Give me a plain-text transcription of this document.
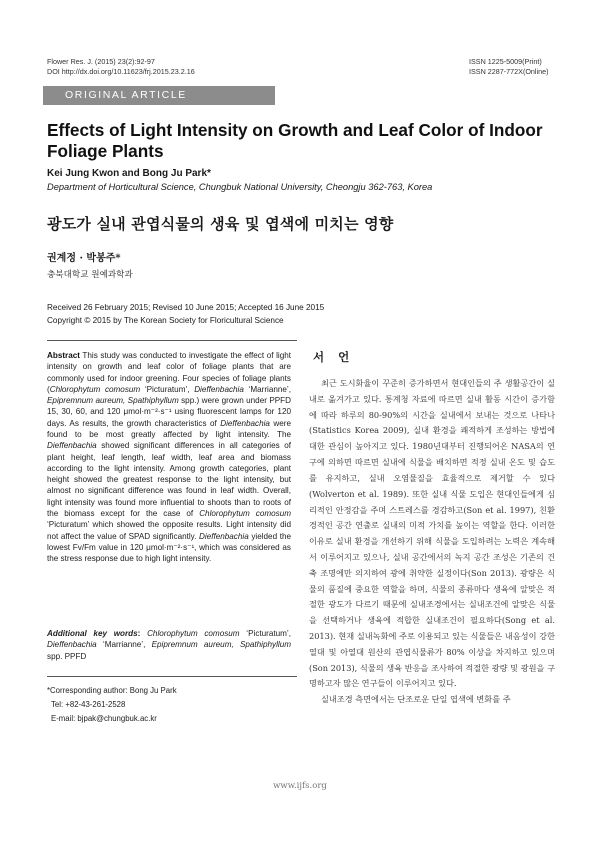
Flower Res. J. (2015) 23(2):92-97
DOI http://dx.doi.org/10.11623/frj.2015.23.2.16
ISSN 1225-5009(Print)
ISSN 2287-772X(Online)
ORIGINAL ARTICLE
Effects of Light Intensity on Growth and Leaf Color of Indoor Foliage Plants
Kei Jung Kwon and Bong Ju Park*
Department of Horticultural Science, Chungbuk National University, Cheongju 362-763, Korea
광도가 실내 관엽식물의 생육 및 엽색에 미치는 영향
권계정 · 박봉주*
충북대학교 원예과학과
Received 26 February 2015; Revised 10 June 2015; Accepted 16 June 2015
Copyright © 2015 by The Korean Society for Floricultural Science
Abstract This study was conducted to investigate the effect of light intensity on growth and leaf color of foliage plants that are commonly used for indoor greening. Four species of foliage plants (Chlorophytum comosum ‘Picturatum’, Dieffenbachia ‘Marrianne’, Epipremnum aureum, Spathiphyllum spp.) were grown under PPFD 15, 30, 60, and 120 μmol·m⁻²·s⁻¹ using fluorescent lamps for 120 days. As results, the growth characteristics of Dieffenbachia were found to be most greatly affected by light intensity. The Dieffenbachia showed significant differences in all categories of plant height, leaf length, leaf width, leaf area and biomass according to the light intensity. Among growth categories, plant height showed the greatest response to the light intensity, but almost no significant difference was found in leaf width. Overall, light intensity was found more influential to shoots than to roots of the biomass except for the case of Chlorophytum comosum ‘Picturatum’ which showed the opposite results. Light intensity did not affect the value of SPAD significantly. Dieffenbachia yielded the lowest Fv/Fm value in 120 μmol·m⁻²·s⁻¹, which was considered as the stress response due to high light intensity.
Additional key words: Chlorophytum comosum ‘Picturatum’, Dieffenbachia ‘Marrianne’, Epipremnum aureum, Spathiphyllum spp. PPFD
*Corresponding author: Bong Ju Park
Tel: +82-43-261-2528
E-mail: bjpak@chungbuk.ac.kr
서언

최근 도시화율이 꾸준히 증가하면서 현대인들의 주 생활공간이 실내로 옮겨가고 있다. 통계청 자료에 따르면 실내 활동 시간이 증가함에 따라 하루의 80-90%의 시간을 실내에서 보내는 것으로 나타나(Statistics Korea 2009), 실내 환경을 쾌적하게 조성하는 방법에 대한 관심이 높아지고 있다. 1980년대부터 진행되어온 NASA의 연구에 의하면 따르면 실내에 식물을 배치하면 적정 실내 온도 및 습도를 유지하고, 실내 오염물질을 효율적으로 제거할 수 있다(Wolverton et al. 1989). 또한 실내 식물 도입은 현대인들에게 심리적인 안정감을 주며 스트레스를 경감하고(Son et al. 1997), 친환경적인 공간 연출로 실내의 미적 가치를 높이는 역할을 한다. 이러한 이유로 실내 환경을 개선하기 위해 식물을 도입하려는 노력은 계속해서 이루어지고 있으나, 실내 공간에서의 녹지 공간 조성은 기존의 건축 조명에만 의지하여 광에 취약한 실정이다(Son 2013). 광량은 식물의 품질에 중요한 역할을 하며, 식물의 종류마다 생육에 알맞은 적절한 광도가 다르기 때문에 실내조경에서는 실내조건에 알맞은 식물을 선택하거나 생육에 적합한 실내조건이 필요하다(Song et al. 2013). 현재 실내녹화에 주로 이용되고 있는 식물들은 내음성이 강한 열대 및 아열대 원산의 관엽식물류가 80% 이상을 차지하고 있으며(Son 2013), 식물의 생육 반응을 조사하여 적절한 광량 및 광원을 구명하고자 많은 연구들이 이루어지고 있다.

실내조경 측면에서는 단조로운 단일 엽색에 변화를 주

www.ijfs.org
